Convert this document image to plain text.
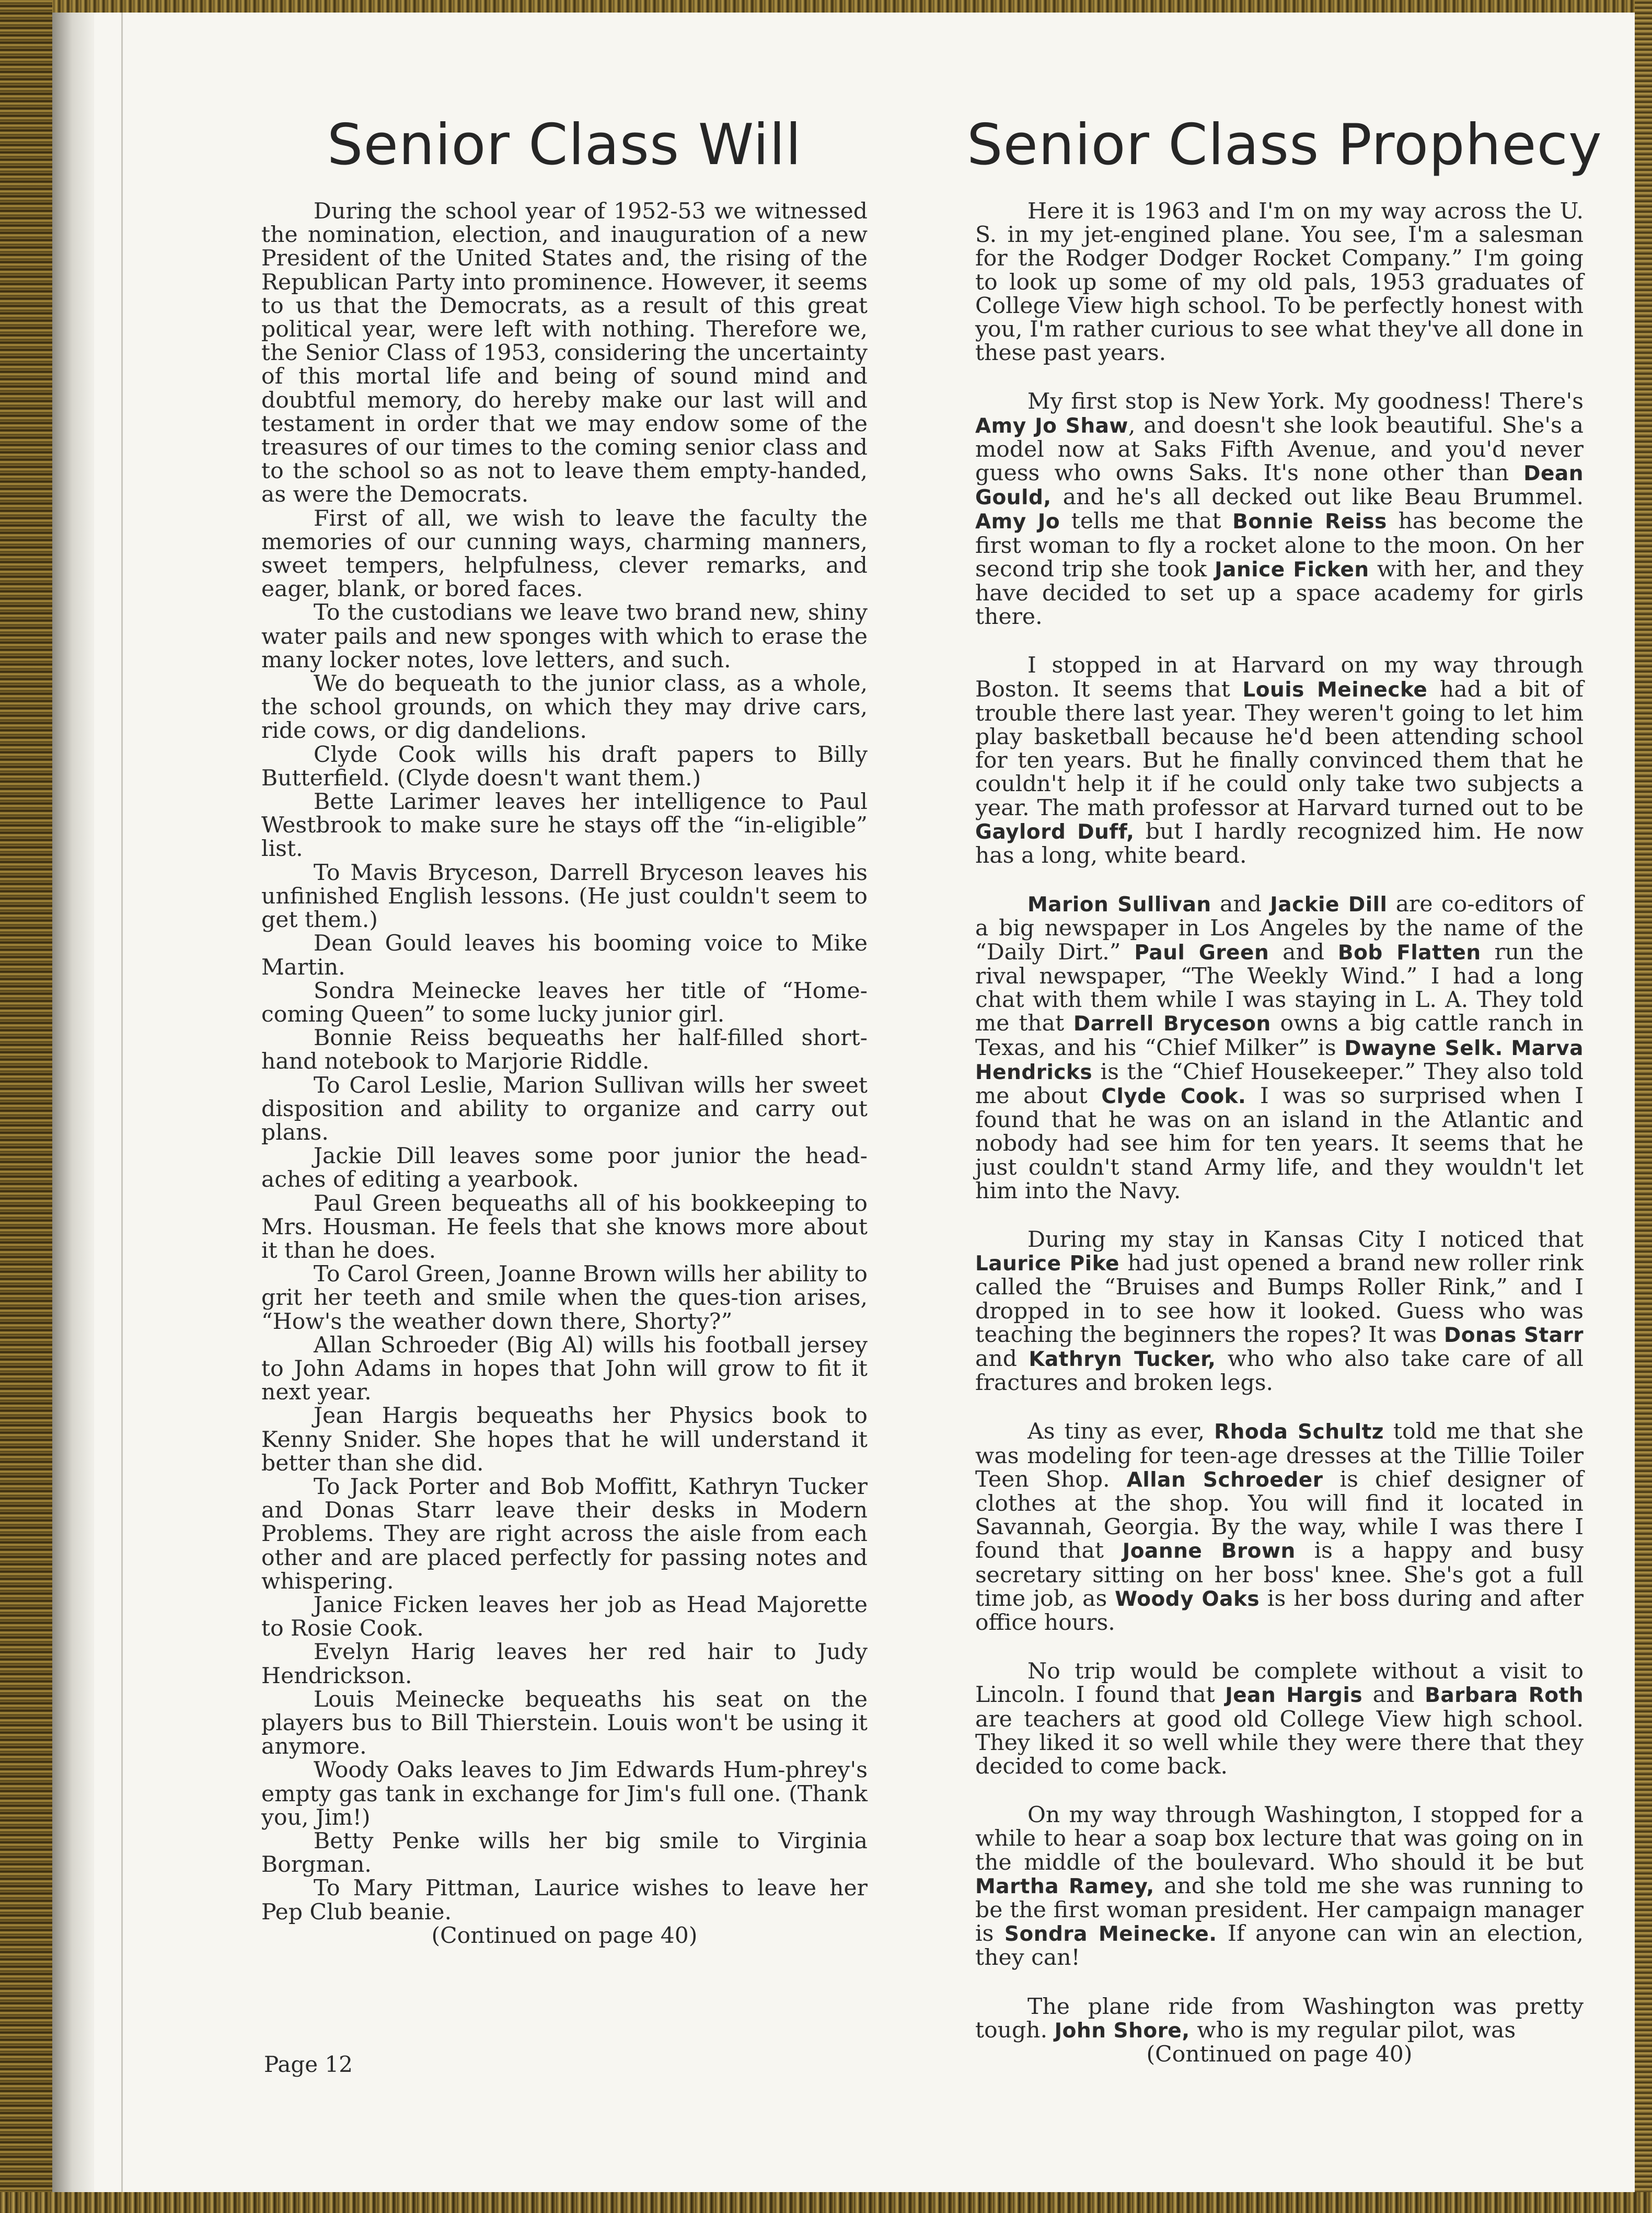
Senior Class Will	Senior Class Prophecy

During the school year of 1952-53 we witnessed the nomination, election, and inauguration of a new President of the United States and, the rising of the Republican Party into prominence. However, it seems to us that the Democrats, as a result of this great political year, were left with nothing. Therefore we, the Senior Class of 1953, considering the uncertainty of this mortal life and being of sound mind and doubtful memory, do hereby make our last will and testament in order that we may endow some of the treasures of our times to the coming senior class and to the school so as not to leave them empty-handed, as were the Democrats.

First of all, we wish to leave the faculty the memories of our cunning ways, charming manners, sweet tempers, helpfulness, clever remarks, and eager, blank, or bored faces.

To the custodians we leave two brand new, shiny water pails and new sponges with which to erase the many locker notes, love letters, and such.

We do bequeath to the junior class, as a whole, the school grounds, on which they may drive cars, ride cows, or dig dandelions.

Clyde Cook wills his draft papers to Billy Butterfield. (Clyde doesn't want them.)

Bette Larimer leaves her intelligence to Paul Westbrook to make sure he stays off the “in-eligible” list.

To Mavis Bryceson, Darrell Bryceson leaves his unfinished English lessons. (He just couldn't seem to get them.)

Dean Gould leaves his booming voice to Mike Martin.

Sondra Meinecke leaves her title of “Home-coming Queen” to some lucky junior girl.

Bonnie Reiss bequeaths her half-filled short-hand notebook to Marjorie Riddle.

To Carol Leslie, Marion Sullivan wills her sweet disposition and ability to organize and carry out plans.

Jackie Dill leaves some poor junior the head-aches of editing a yearbook.

Paul Green bequeaths all of his bookkeeping to Mrs. Housman. He feels that she knows more about it than he does.

To Carol Green, Joanne Brown wills her ability to grit her teeth and smile when the ques-tion arises, “How's the weather down there, Shorty?”

Allan Schroeder (Big Al) wills his football jersey to John Adams in hopes that John will grow to fit it next year.

Jean Hargis bequeaths her Physics book to Kenny Snider. She hopes that he will understand it better than she did.

To Jack Porter and Bob Moffitt, Kathryn Tucker and Donas Starr leave their desks in Modern Problems. They are right across the aisle from each other and are placed perfectly for passing notes and whispering.

Janice Ficken leaves her job as Head Majorette to Rosie Cook.

Evelyn Harig leaves her red hair to Judy Hendrickson.

Louis Meinecke bequeaths his seat on the players bus to Bill Thierstein. Louis won't be using it anymore.

Woody Oaks leaves to Jim Edwards Hum-phrey's empty gas tank in exchange for Jim's full one. (Thank you, Jim!)

Betty Penke wills her big smile to Virginia Borgman.

To Mary Pittman, Laurice wishes to leave her Pep Club beanie.

(Continued on page 40)

Here it is 1963 and I'm on my way across the U. S. in my jet-engined plane. You see, I'm a salesman for the Rodger Dodger Rocket Company.” I'm going to look up some of my old pals, 1953 graduates of College View high school. To be perfectly honest with you, I'm rather curious to see what they've all done in these past years.

My first stop is New York. My goodness! There's Amy Jo Shaw, and doesn't she look beautiful. She's a model now at Saks Fifth Avenue, and you'd never guess who owns Saks. It's none other than Dean Gould, and he's all decked out like Beau Brummel. Amy Jo tells me that Bonnie Reiss has become the first woman to fly a rocket alone to the moon. On her second trip she took Janice Ficken with her, and they have decided to set up a space academy for girls there.

I stopped in at Harvard on my way through Boston. It seems that Louis Meinecke had a bit of trouble there last year. They weren't going to let him play basketball because he'd been attending school for ten years. But he finally convinced them that he couldn't help it if he could only take two subjects a year. The math professor at Harvard turned out to be Gaylord Duff, but I hardly recognized him. He now has a long, white beard.

Marion Sullivan and Jackie Dill are co-editors of a big newspaper in Los Angeles by the name of the “Daily Dirt.” Paul Green and Bob Flatten run the rival newspaper, “The Weekly Wind.” I had a long chat with them while I was staying in L. A. They told me that Darrell Bryceson owns a big cattle ranch in Texas, and his “Chief Milker” is Dwayne Selk. Marva Hendricks is the “Chief Housekeeper.” They also told me about Clyde Cook. I was so surprised when I found that he was on an island in the Atlantic and nobody had see him for ten years. It seems that he just couldn't stand Army life, and they wouldn't let him into the Navy.

During my stay in Kansas City I noticed that Laurice Pike had just opened a brand new roller rink called the “Bruises and Bumps Roller Rink,” and I dropped in to see how it looked. Guess who was teaching the beginners the ropes? It was Donas Starr and Kathryn Tucker, who who also take care of all fractures and broken legs.

As tiny as ever, Rhoda Schultz told me that she was modeling for teen-age dresses at the Tillie Toiler Teen Shop. Allan Schroeder is chief designer of clothes at the shop. You will find it located in Savannah, Georgia. By the way, while I was there I found that Joanne Brown is a happy and busy secretary sitting on her boss' knee. She's got a full time job, as Woody Oaks is her boss during and after office hours.

No trip would be complete without a visit to Lincoln. I found that Jean Hargis and Barbara Roth are teachers at good old College View high school. They liked it so well while they were there that they decided to come back.

On my way through Washington, I stopped for a while to hear a soap box lecture that was going on in the middle of the boulevard. Who should it be but Martha Ramey, and she told me she was running to be the first woman president. Her campaign manager is Sondra Meinecke. If anyone can win an election, they can!

The plane ride from Washington was pretty tough. John Shore, who is my regular pilot, was

(Continued on page 40)

Page 12
